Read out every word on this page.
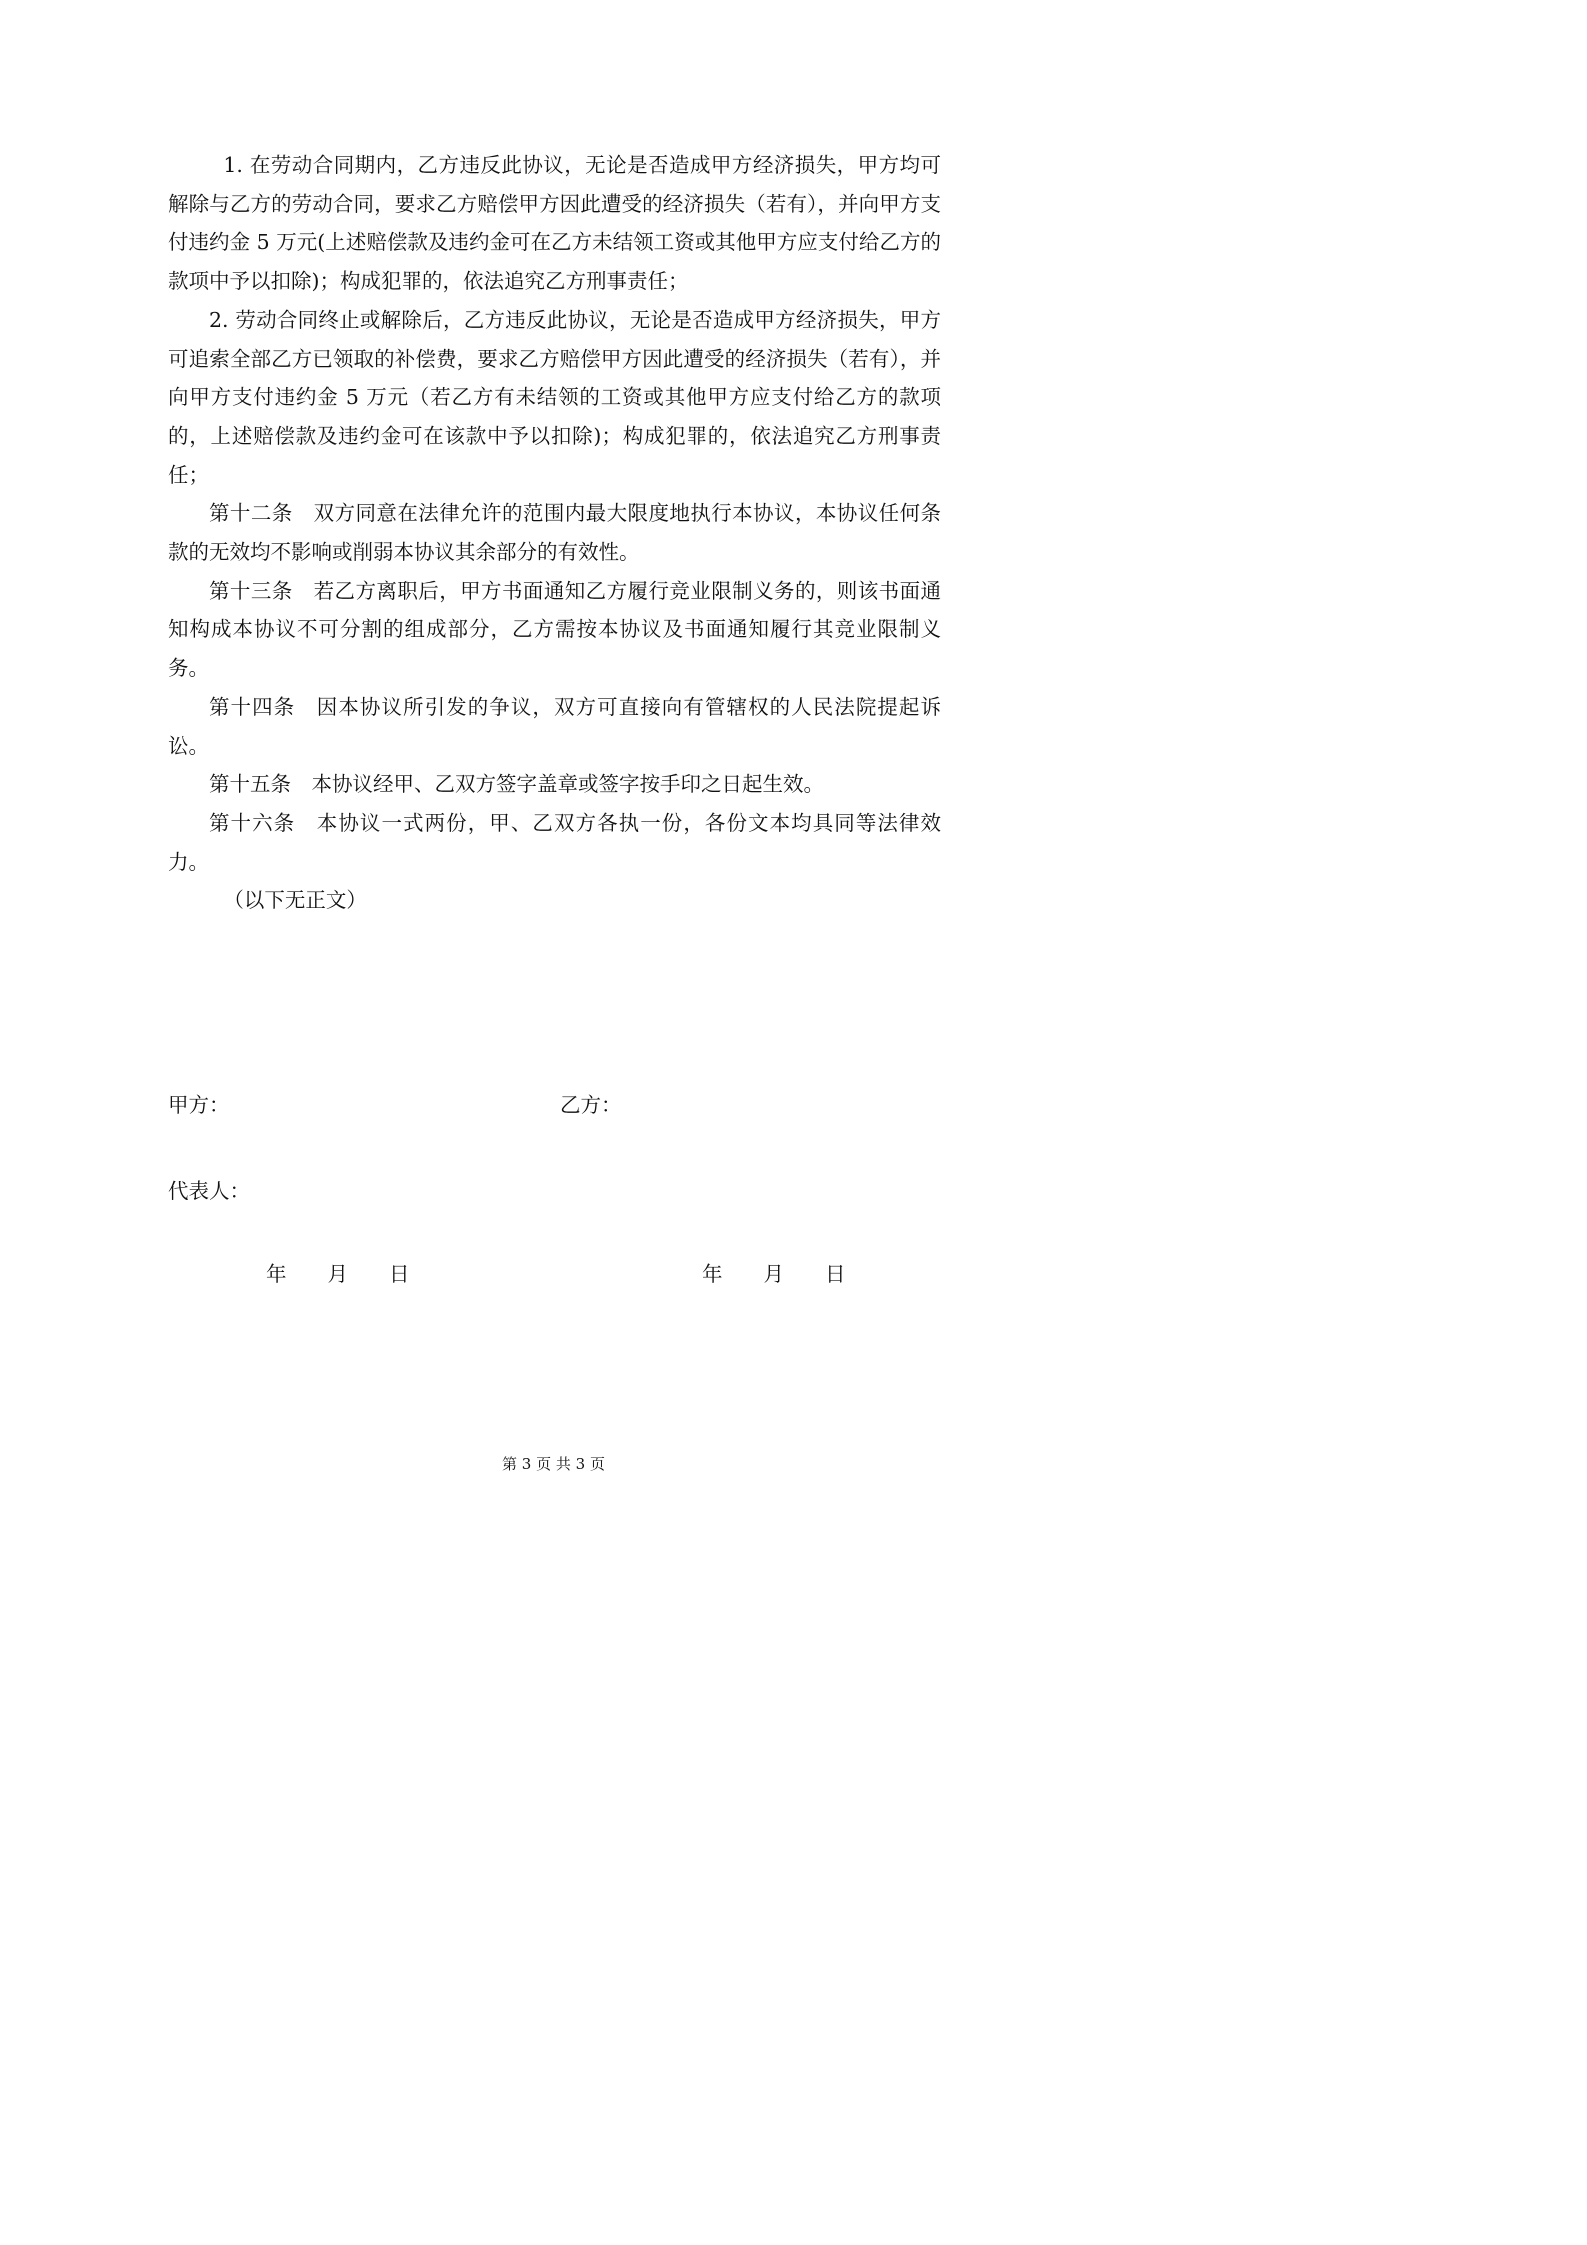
1. 在劳动合同期内，乙方违反此协议，无论是否造成甲方经济损失，甲方均可解除与乙方的劳动合同，要求乙方赔偿甲方因此遭受的经济损失（若有），并向甲方支付违约金 5 万元(上述赔偿款及违约金可在乙方未结领工资或其他甲方应支付给乙方的款项中予以扣除)；构成犯罪的，依法追究乙方刑事责任；

2. 劳动合同终止或解除后，乙方违反此协议，无论是否造成甲方经济损失，甲方可追索全部乙方已领取的补偿费，要求乙方赔偿甲方因此遭受的经济损失（若有），并向甲方支付违约金 5 万元（若乙方有未结领的工资或其他甲方应支付给乙方的款项的，上述赔偿款及违约金可在该款中予以扣除)；构成犯罪的，依法追究乙方刑事责任；

第十二条　双方同意在法律允许的范围内最大限度地执行本协议，本协议任何条款的无效均不影响或削弱本协议其余部分的有效性。

第十三条　若乙方离职后，甲方书面通知乙方履行竞业限制义务的，则该书面通知构成本协议不可分割的组成部分，乙方需按本协议及书面通知履行其竞业限制义务。

第十四条　因本协议所引发的争议，双方可直接向有管辖权的人民法院提起诉讼。

第十五条　本协议经甲、乙双方签字盖章或签字按手印之日起生效。

第十六条　本协议一式两份，甲、乙双方各执一份，各份文本均具同等法律效力。

（以下无正文）

甲方：	乙方：
代表人：
年　　月　　日	年　　月　　日
第 3 页 共 3 页
